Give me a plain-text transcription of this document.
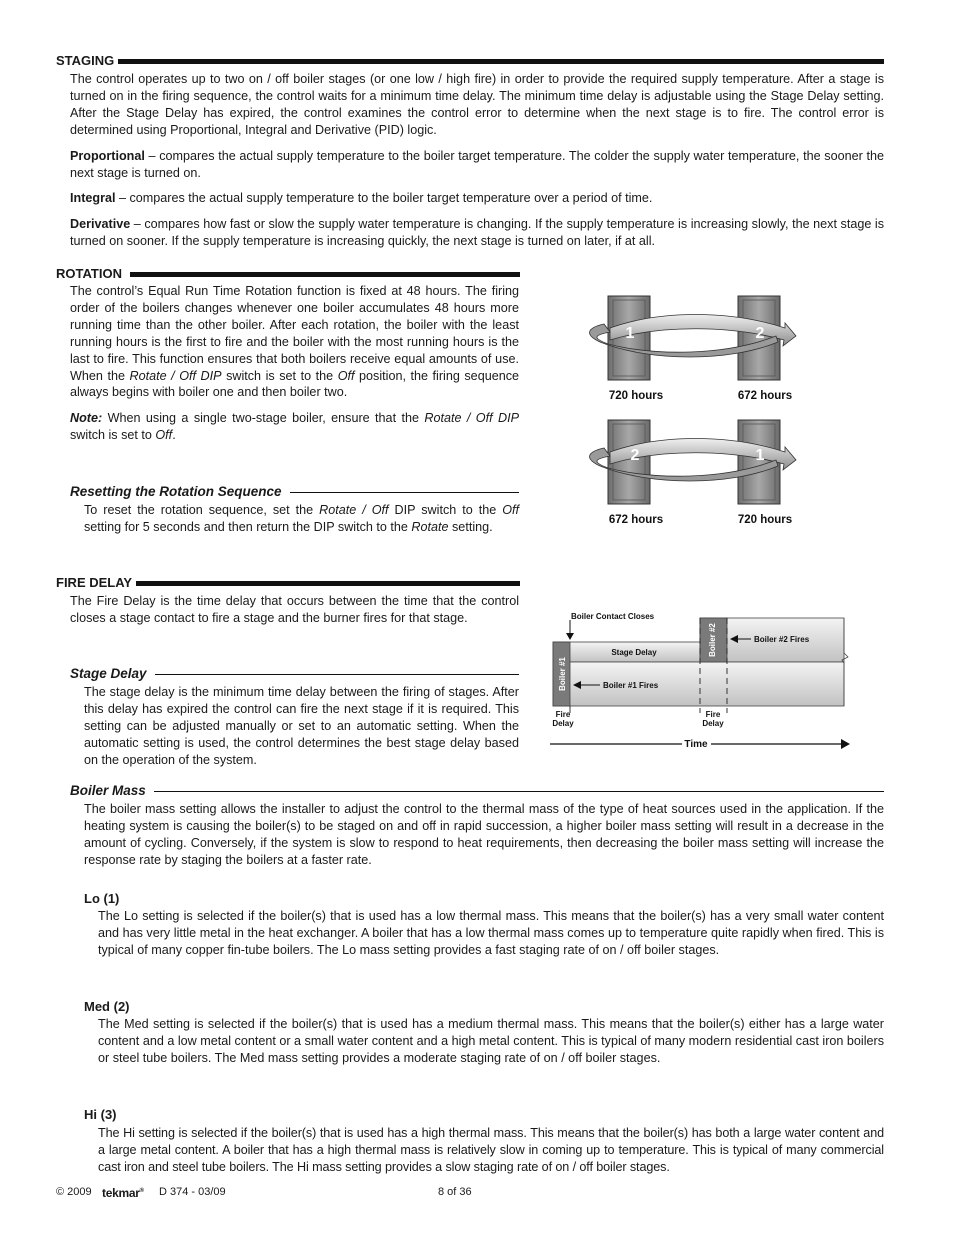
STAGING

The control operates up to two on / off boiler stages (or one low / high fire) in order to provide the required supply temperature. After a stage is turned on in the firing sequence, the control waits for a minimum time delay. The minimum time delay is adjustable using the Stage Delay setting. After the Stage Delay has expired, the control examines the control error to determine when the next stage is to fire. The control error is determined using Proportional, Integral and Derivative (PID) logic.

Proportional – compares the actual supply temperature to the boiler target temperature. The colder the supply water temperature, the sooner the next stage is turned on.

Integral – compares the actual supply temperature to the boiler target temperature over a period of time.

Derivative – compares how fast or slow the supply water temperature is changing. If the supply temperature is increasing slowly, the next stage is turned on sooner. If the supply temperature is increasing quickly, the next stage is turned on later, if at all.

ROTATION

The control’s Equal Run Time Rotation function is fixed at 48 hours. The firing order of the boilers changes whenever one boiler accumulates 48 hours more running time than the other boiler. After each rotation, the boiler with the least running hours is the first to fire and the boiler with the most running hours is the last to fire. This function ensures that both boilers receive equal amounts of use. When the Rotate / Off DIP switch is set to the Off position, the firing sequence always begins with boiler one and then boiler two.

Note: When using a single two-stage boiler, ensure that the Rotate / Off DIP switch is set to Off.

Resetting the Rotation Sequence

To reset the rotation sequence, set the Rotate / Off DIP switch to the Off setting for 5 seconds and then return the DIP switch to the Rotate setting.

1	2
720 hours	672 hours
2	1
672 hours	720 hours
FIRE DELAY

The Fire Delay is the time delay that occurs between the time that the control closes a stage contact to fire a stage and the burner fires for that stage.

Stage Delay

The stage delay is the minimum time delay between the firing of stages. After this delay has expired the control can fire the next stage if it is required. This setting can be adjusted manually or set to an automatic setting. When the automatic setting is used, the control determines the best stage delay based on the operation of the system.

Boiler #1
Boiler #2
Boiler Contact Closes
Stage Delay
Boiler #1 Fires
Boiler #2 Fires
Fire
Delay
Fire
Delay
Time
Boiler Mass

The boiler mass setting allows the installer to adjust the control to the thermal mass of the type of heat sources used in the application. If the heating system is causing the boiler(s) to be staged on and off in rapid succession, a higher boiler mass setting will result in a decrease in the amount of cycling. Conversely, if the system is slow to respond to heat requirements, then decreasing the boiler mass setting will increase the response rate by staging the boilers at a faster rate.

Lo (1)

The Lo setting is selected if the boiler(s) that is used has a low thermal mass. This means that the boiler(s) has a very small water content and has very little metal in the heat exchanger. A boiler that has a low thermal mass comes up to temperature quite rapidly when fired. This is typical of many copper fin-tube boilers. The Lo mass setting provides a fast staging rate of on / off boiler stages.

Med (2)

The Med setting is selected if the boiler(s) that is used has a medium thermal mass. This means that the boiler(s) either has a large water content and a low metal content or a small water content and a high metal content. This is typical of many modern residential cast iron boilers or steel tube boilers. The Med mass setting provides a moderate staging rate of on / off boiler stages.

Hi (3)

The Hi setting is selected if the boiler(s) that is used has a high thermal mass. This means that the boiler(s) has both a large water content and a large metal content. A boiler that has a high thermal mass is relatively slow in coming up to temperature. This is typical of many commercial cast iron and steel tube boilers. The Hi mass setting provides a slow staging rate of on / off boiler stages.

© 2009 tekmar® D 374 - 03/09	8 of 36
